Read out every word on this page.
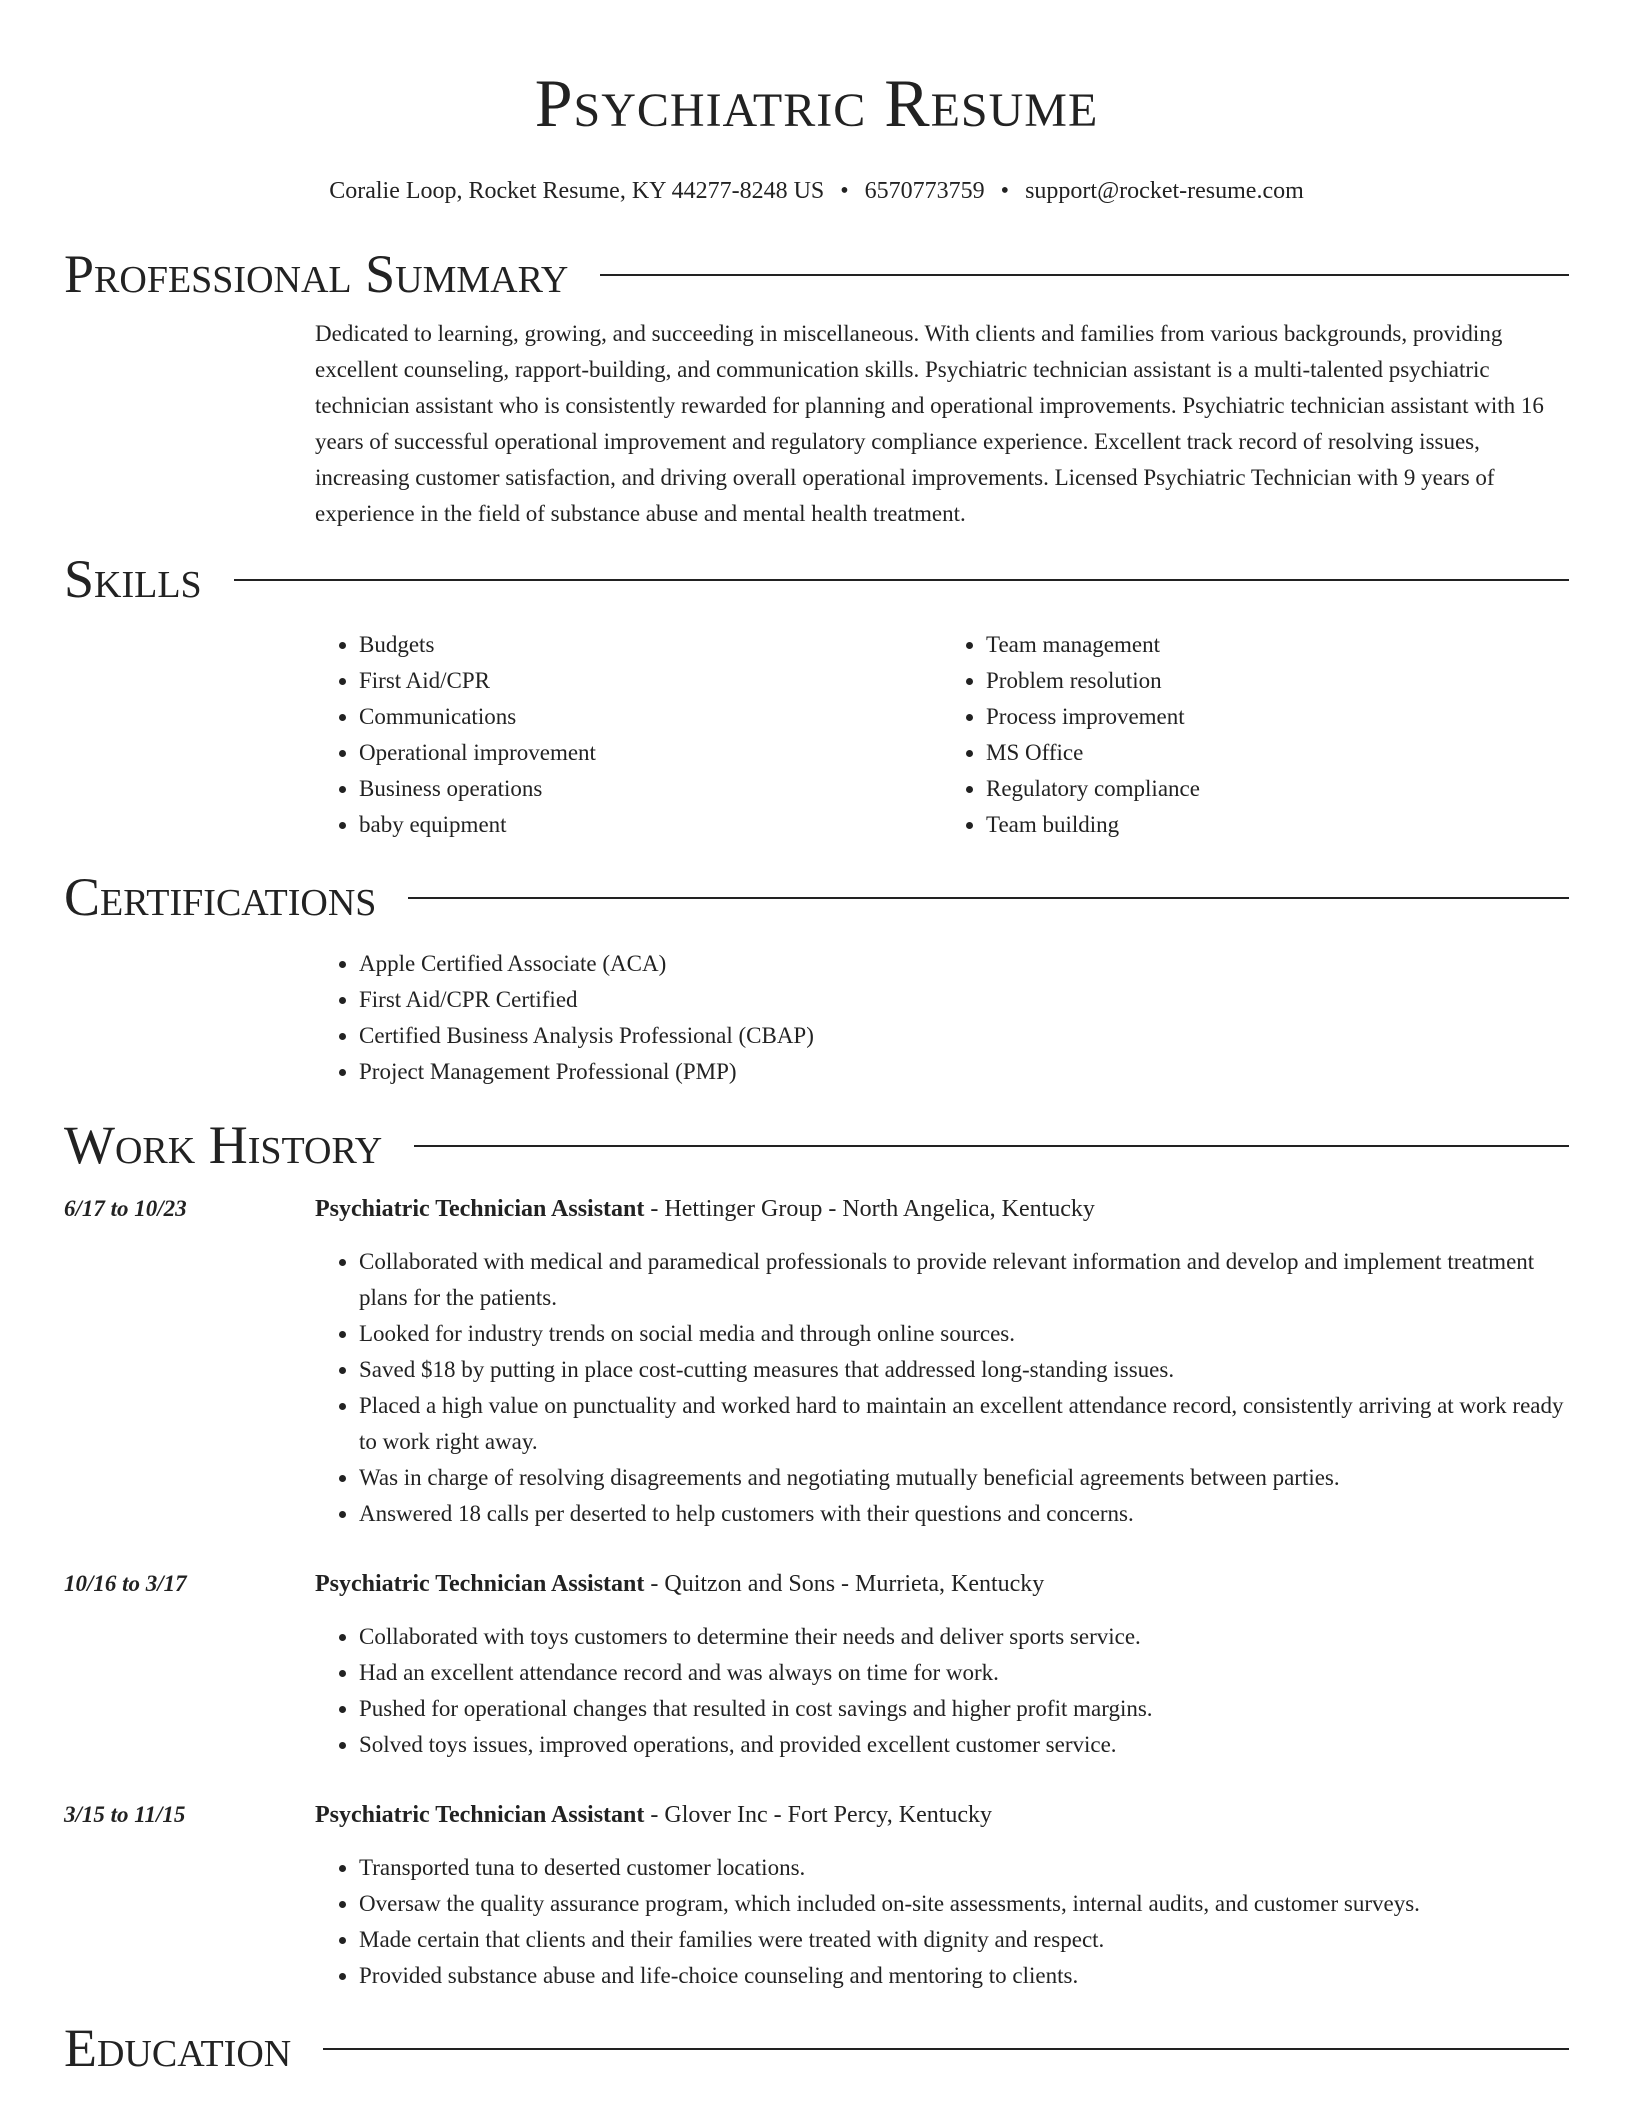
Psychiatric Resume
Coralie Loop, Rocket Resume, KY 44277-8248 US • 6570773759 • support@rocket-resume.com
Professional Summary

Dedicated to learning, growing, and succeeding in miscellaneous. With clients and families from various backgrounds, providing excellent counseling, rapport-building, and communication skills. Psychiatric technician assistant is a multi-talented psychiatric technician assistant who is consistently rewarded for planning and operational improvements. Psychiatric technician assistant with 16 years of successful operational improvement and regulatory compliance experience. Excellent track record of resolving issues, increasing customer satisfaction, and driving overall operational improvements. Licensed Psychiatric Technician with 9 years of experience in the field of substance abuse and mental health treatment.

Skills
• Budgets
• First Aid/CPR
• Communications
• Operational improvement
• Business operations
• baby equipment
• Team management
• Problem resolution
• Process improvement
• MS Office
• Regulatory compliance
• Team building
Certifications
• Apple Certified Associate (ACA)
• First Aid/CPR Certified
• Certified Business Analysis Professional (CBAP)
• Project Management Professional (PMP)
Work History
6/17 to 10/23	Psychiatric Technician Assistant - Hettinger Group - North Angelica, Kentucky
• Collaborated with medical and paramedical professionals to provide relevant information and develop and implement treatment plans for the patients.
• Looked for industry trends on social media and through online sources.
• Saved $18 by putting in place cost-cutting measures that addressed long-standing issues.
• Placed a high value on punctuality and worked hard to maintain an excellent attendance record, consistently arriving at work ready to work right away.
• Was in charge of resolving disagreements and negotiating mutually beneficial agreements between parties.
• Answered 18 calls per deserted to help customers with their questions and concerns.
10/16 to 3/17	Psychiatric Technician Assistant - Quitzon and Sons - Murrieta, Kentucky
• Collaborated with toys customers to determine their needs and deliver sports service.
• Had an excellent attendance record and was always on time for work.
• Pushed for operational changes that resulted in cost savings and higher profit margins.
• Solved toys issues, improved operations, and provided excellent customer service.
3/15 to 11/15	Psychiatric Technician Assistant - Glover Inc - Fort Percy, Kentucky
• Transported tuna to deserted customer locations.
• Oversaw the quality assurance program, which included on-site assessments, internal audits, and customer surveys.
• Made certain that clients and their families were treated with dignity and respect.
• Provided substance abuse and life-choice counseling and mentoring to clients.
Education
